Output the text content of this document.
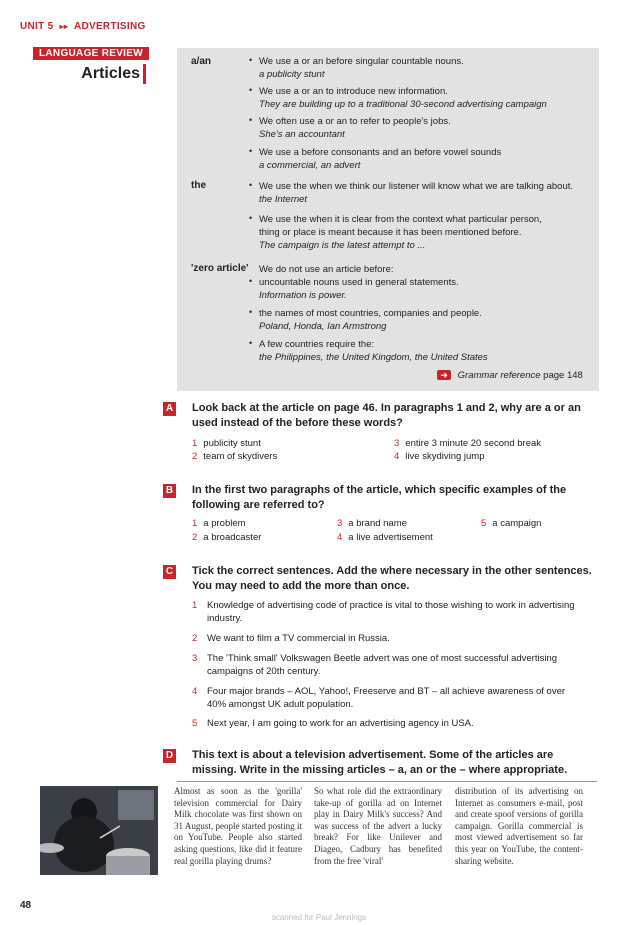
UNIT 5 ▸▸ ADVERTISING
LANGUAGE REVIEW
Articles
a/an	• We use a or an before singular countable nouns.
a publicity stunt
• We use a or an to introduce new information.
They are building up to a traditional 30-second advertising campaign
• We often use a or an to refer to people's jobs.
She's an accountant
• We use a before consonants and an before vowel sounds
a commercial, an advert
the	• We use the when we think our listener will know what we are talking about.
the Internet
• We use the when it is clear from the context what particular person,
thing or place is meant because it has been mentioned before.
The campaign is the latest attempt to ...
'zero article' We do not use an article before:
• uncountable nouns used in general statements.
Information is power.
• the names of most countries, companies and people.
Poland, Honda, Ian Armstrong
• A few countries require the:
the Philippines, the United Kingdom, the United States
➜ Grammar reference page 148
A Look back at the article on page 46. In paragraphs 1 and 2, why are a or an
used instead of the before these words?
1 publicity stunt
2 team of skydivers
3 entire 3 minute 20 second break
4 live skydiving jump
B In the first two paragraphs of the article, which specific examples of the
following are referred to?
1 a problem
2 a broadcaster
3 a brand name
4 a live advertisement
5 a campaign
C Tick the correct sentences. Add the where necessary in the other sentences.
You may need to add the more than once.
1 Knowledge of advertising code of practice is vital to those wishing to work in advertising industry.
2 We want to film a TV commercial in Russia.
3 The 'Think small' Volkswagen Beetle advert was one of most successful advertising campaigns of 20th century.
4 Four major brands – AOL, Yahoo!, Freeserve and BT – all achieve awareness of over 40% amongst UK adult population.
5 Next year, I am going to work for an advertising agency in USA.
D This text is about a television advertisement. Some of the articles are
missing. Write in the missing articles – a, an or the – where appropriate.
Almost as soon as the 'gorilla' television commercial for Dairy Milk chocolate was first shown on 31 August, people started posting it on YouTube. People also started asking questions, like did it feature real gorilla playing drums?
So what role did the extraordinary take-up of gorilla ad on Internet play in Dairy Milk's success? And was success of the advert a lucky break? For like Unilever and Diageo, Cadbury has benefited from the free 'viral'
distribution of its advertising on Internet as consumers e-mail, post and create spoof versions of gorilla campaign. Gorilla commercial is most viewed advertisement so far this year on YouTube, the content-sharing website.
48
scanned for Paul Jennings
